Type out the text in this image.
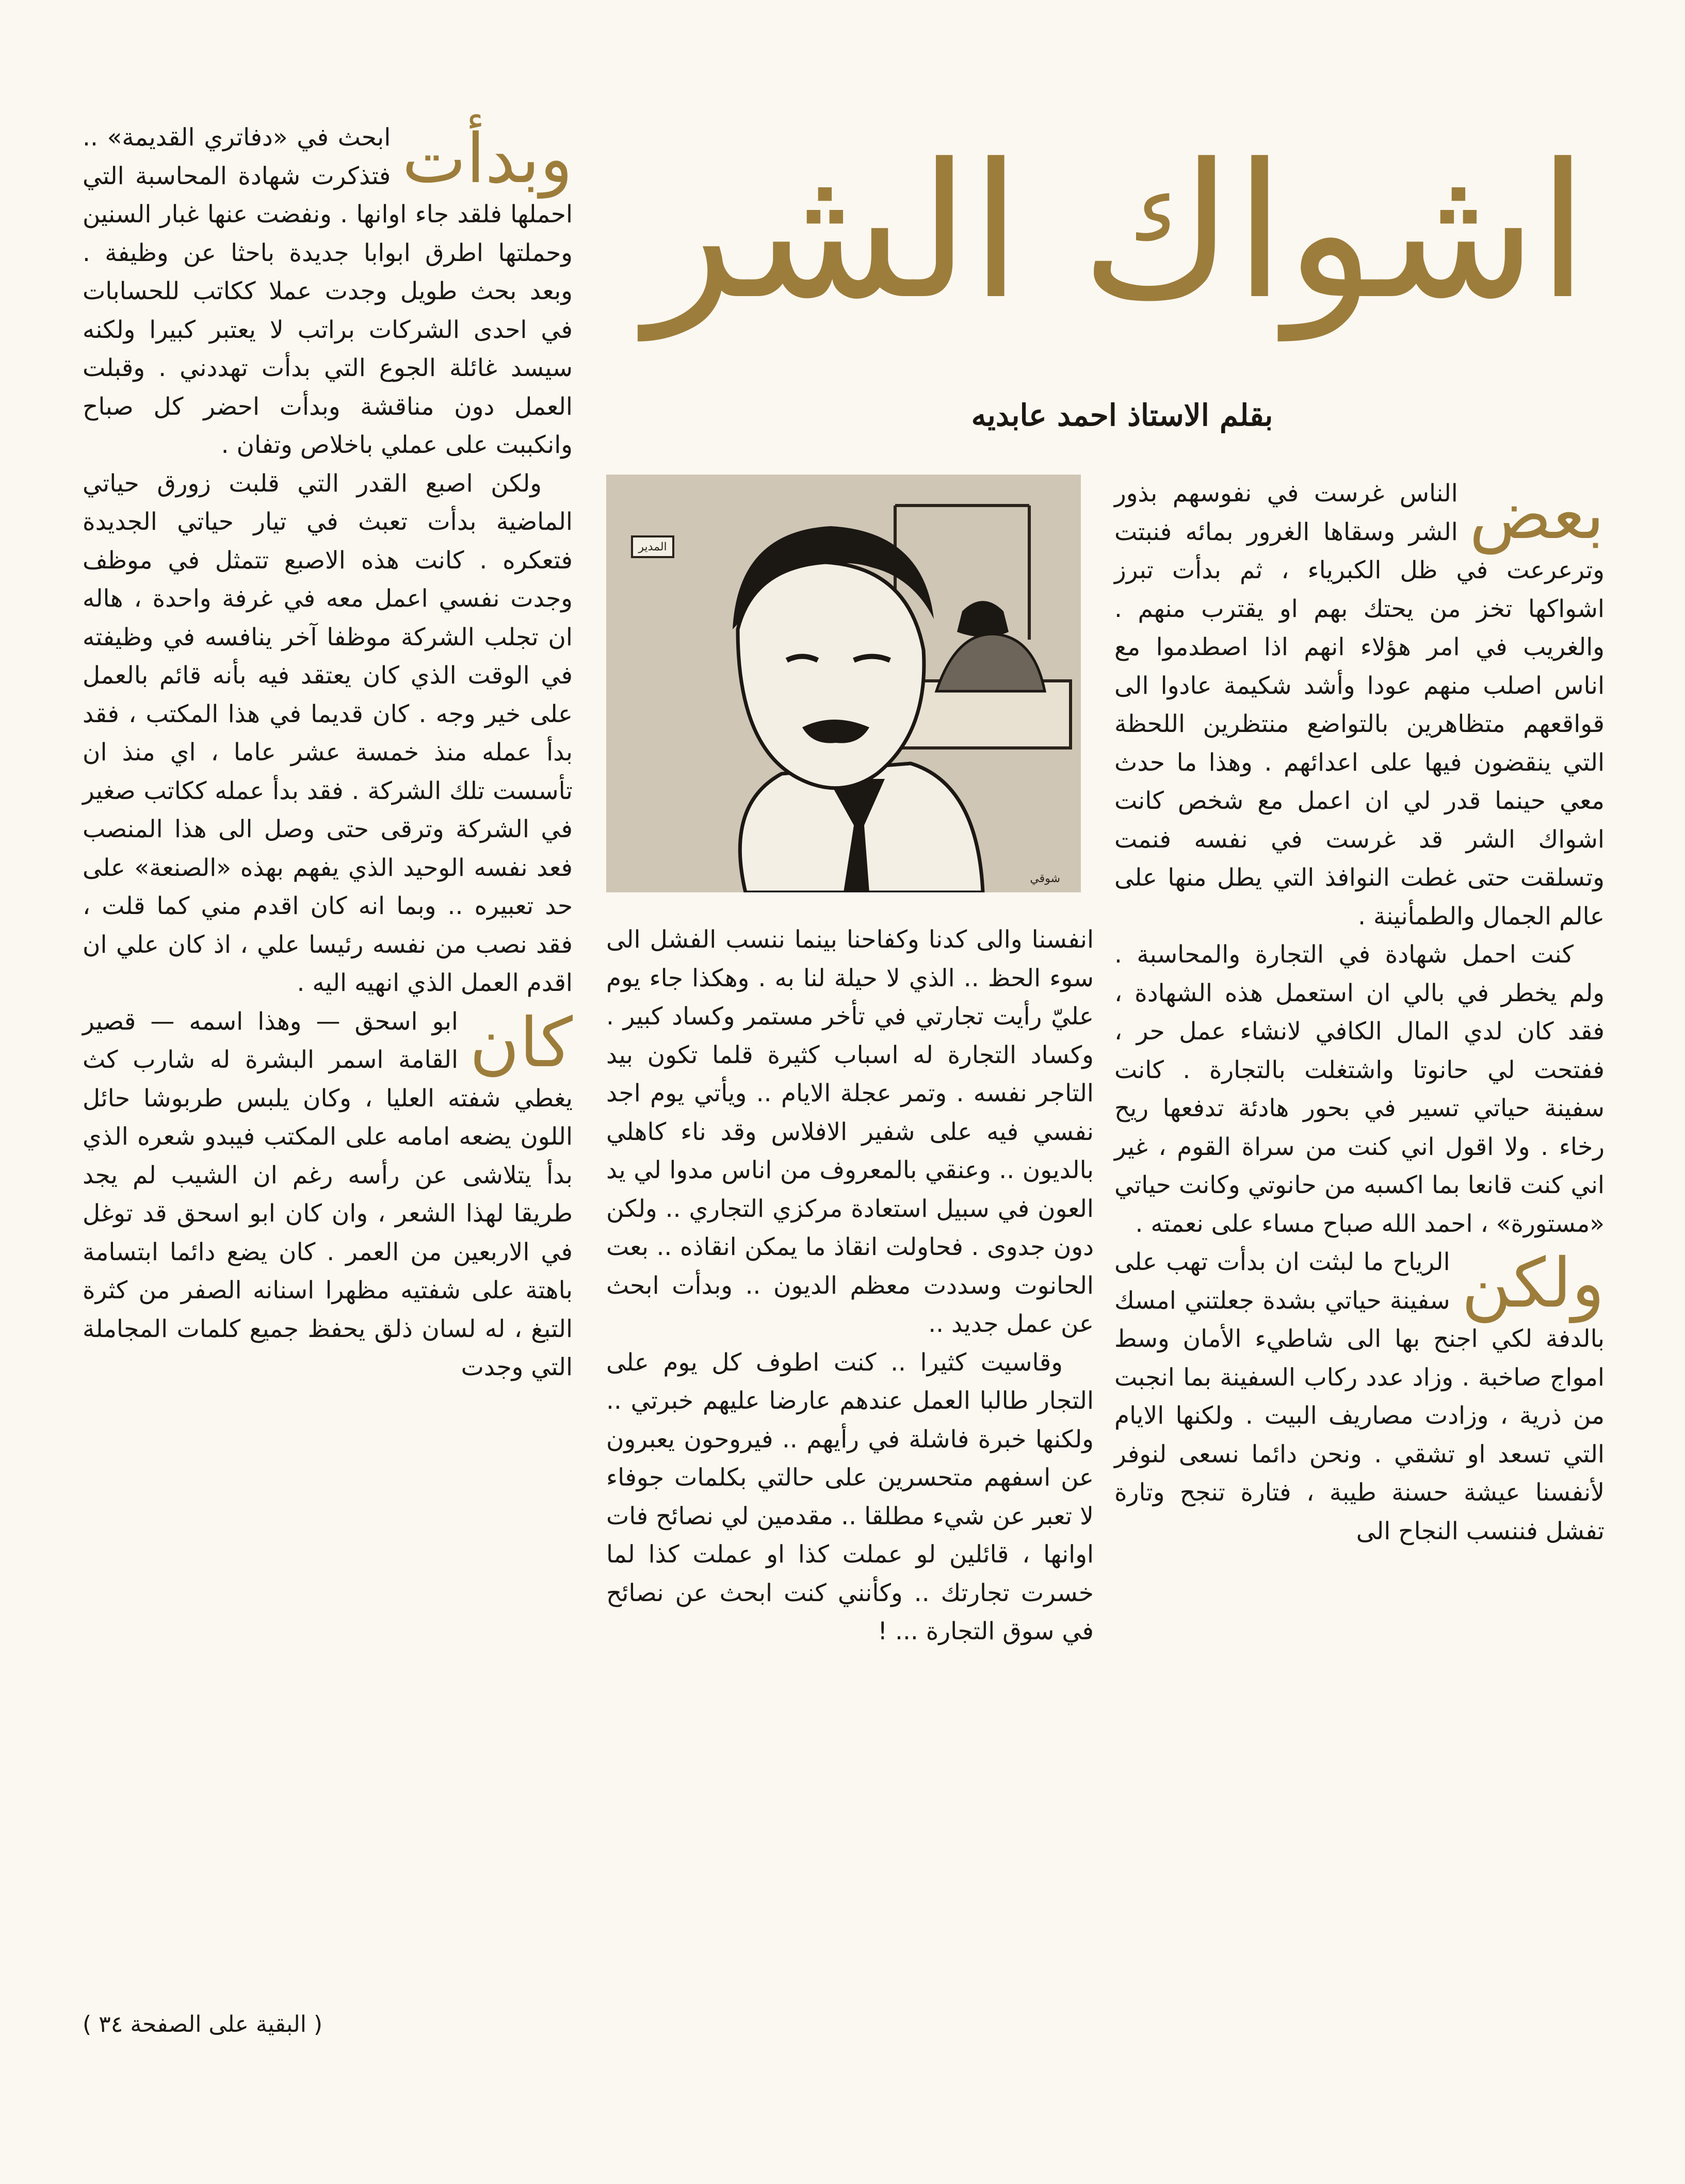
اشواك الشر
بقلم الاستاذ احمد عابديه
المدير
شوقي

بعض
الناس غرست في نفوسهم بذور الشر وسقاها الغرور بمائه فنبتت وترعرعت في ظل الكبرياء ، ثم بدأت تبرز اشواكها تخز من يحتك بهم او يقترب منهم . والغريب في امر هؤلاء انهم اذا اصطدموا مع اناس اصلب منهم عودا وأشد شكيمة عادوا الى قواقعهم متظاهرين بالتواضع منتظرين اللحظة التي ينقضون فيها على اعدائهم . وهذا ما حدث معي حينما قدر لي ان اعمل مع شخص كانت اشواك الشر قد غرست في نفسه فنمت وتسلقت حتى غطت النوافذ التي يطل منها على عالم الجمال والطمأنينة .

كنت احمل شهادة في التجارة والمحاسبة . ولم يخطر في بالي ان استعمل هذه الشهادة ، فقد كان لدي المال الكافي لانشاء عمل حر ، ففتحت لي حانوتا واشتغلت بالتجارة . كانت سفينة حياتي تسير في بحور هادئة تدفعها ريح رخاء . ولا اقول اني كنت من سراة القوم ، غير اني كنت قانعا بما اكسبه من حانوتي وكانت حياتي «مستورة» ، احمد الله صباح مساء على نعمته .

ولكن
الرياح ما لبثت ان بدأت تهب على سفينة حياتي بشدة جعلتني امسك بالدفة لكي اجنح بها الى شاطيء الأمان وسط امواج صاخبة . وزاد عدد ركاب السفينة بما انجبت من ذرية ، وزادت مصاريف البيت . ولكنها الايام التي تسعد او تشقي . ونحن دائما نسعى لنوفر لأنفسنا عيشة حسنة طيبة ، فتارة تنجح وتارة تفشل فننسب النجاح الى

انفسنا والى كدنا وكفاحنا بينما ننسب الفشل الى سوء الحظ .. الذي لا حيلة لنا به . وهكذا جاء يوم عليّ رأيت تجارتي في تأخر مستمر وكساد كبير . وكساد التجارة له اسباب كثيرة قلما تكون بيد التاجر نفسه . وتمر عجلة الايام .. ويأتي يوم اجد نفسي فيه على شفير الافلاس وقد ناء كاهلي بالديون .. وعنقي بالمعروف من اناس مدوا لي يد العون في سبيل استعادة مركزي التجاري .. ولكن دون جدوى . فحاولت انقاذ ما يمكن انقاذه .. بعت الحانوت وسددت معظم الديون .. وبدأت ابحث عن عمل جديد ..

وقاسيت كثيرا .. كنت اطوف كل يوم على التجار طالبا العمل عندهم عارضا عليهم خبرتي .. ولكنها خبرة فاشلة في رأيهم .. فيروحون يعبرون عن اسفهم متحسرين على حالتي بكلمات جوفاء لا تعبر عن شيء مطلقا .. مقدمين لي نصائح فات اوانها ، قائلين لو عملت كذا او عملت كذا لما خسرت تجارتك .. وكأنني كنت ابحث عن نصائح في سوق التجارة ... !

وبدأت
ابحث في «دفاتري القديمة» .. فتذكرت شهادة المحاسبة التي احملها فلقد جاء اوانها . ونفضت عنها غبار السنين وحملتها اطرق ابوابا جديدة باحثا عن وظيفة . وبعد بحث طويل وجدت عملا ككاتب للحسابات في احدى الشركات براتب لا يعتبر كبيرا ولكنه سيسد غائلة الجوع التي بدأت تهددني . وقبلت العمل دون مناقشة وبدأت احضر كل صباح وانكببت على عملي باخلاص وتفان .

ولكن اصبع القدر التي قلبت زورق حياتي الماضية بدأت تعبث في تيار حياتي الجديدة فتعكره . كانت هذه الاصبع تتمثل في موظف وجدت نفسي اعمل معه في غرفة واحدة ، هاله ان تجلب الشركة موظفا آخر ينافسه في وظيفته في الوقت الذي كان يعتقد فيه بأنه قائم بالعمل على خير وجه . كان قديما في هذا المكتب ، فقد بدأ عمله منذ خمسة عشر عاما ، اي منذ ان تأسست تلك الشركة . فقد بدأ عمله ككاتب صغير في الشركة وترقى حتى وصل الى هذا المنصب فعد نفسه الوحيد الذي يفهم بهذه «الصنعة» على حد تعبيره .. وبما انه كان اقدم مني كما قلت ، فقد نصب من نفسه رئيسا علي ، اذ كان علي ان اقدم العمل الذي انهيه اليه .

كان
ابو اسحق — وهذا اسمه — قصير القامة اسمر البشرة له شارب كث يغطي شفته العليا ، وكان يلبس طربوشا حائل اللون يضعه امامه على المكتب فيبدو شعره الذي بدأ يتلاشى عن رأسه رغم ان الشيب لم يجد طريقا لهذا الشعر ، وان كان ابو اسحق قد توغل في الاربعين من العمر . كان يضع دائما ابتسامة باهتة على شفتيه مظهرا اسنانه الصفر من كثرة التبغ ، له لسان ذلق يحفظ جميع كلمات المجاملة التي وجدت

( البقية على الصفحة ٣٤ )
